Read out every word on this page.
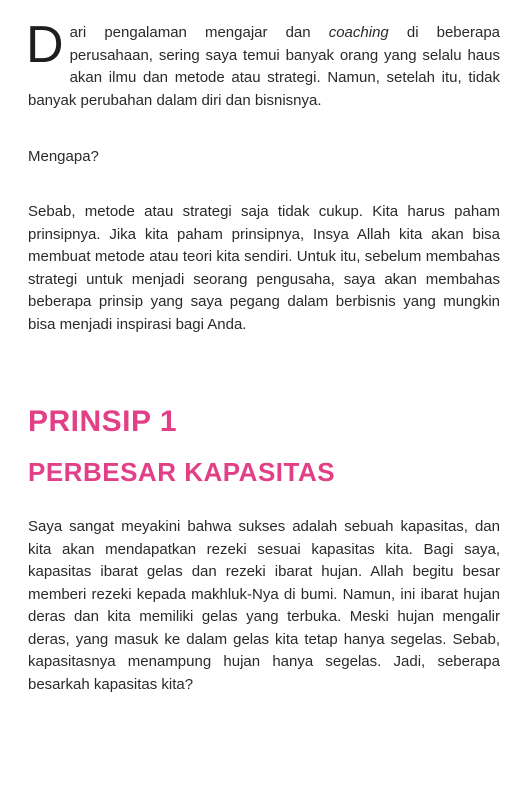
D ari pengalaman mengajar dan coaching di beberapa perusahaan, sering saya temui banyak orang yang selalu haus akan ilmu dan metode atau strategi. Namun, setelah itu, tidak banyak perubahan dalam diri dan bisnisnya.

Mengapa?

Sebab, metode atau strategi saja tidak cukup. Kita harus paham prinsipnya. Jika kita paham prinsipnya, Insya Allah kita akan bisa membuat metode atau teori kita sendiri. Untuk itu, sebelum membahas strategi untuk menjadi seorang pengusaha, saya akan membahas beberapa prinsip yang saya pegang dalam berbisnis yang mungkin bisa menjadi inspirasi bagi Anda.

PRINSIP 1
PERBESAR KAPASITAS

Saya sangat meyakini bahwa sukses adalah sebuah kapasitas, dan kita akan mendapatkan rezeki sesuai kapasitas kita. Bagi saya, kapasitas ibarat gelas dan rezeki ibarat hujan. Allah begitu besar memberi rezeki kepada makhluk-Nya di bumi. Namun, ini ibarat hujan deras dan kita memiliki gelas yang terbuka. Meski hujan mengalir deras, yang masuk ke dalam gelas kita tetap hanya segelas. Sebab, kapasitasnya menampung hujan hanya segelas. Jadi, seberapa besarkah kapasitas kita?
